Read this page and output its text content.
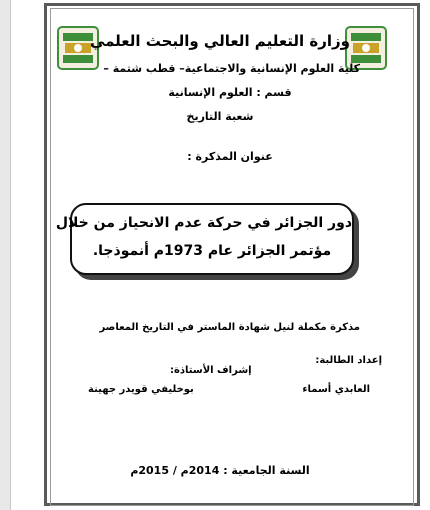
وزارة التعليم العالي والبحث العلمي
كلية العلوم الإنسانية والاجتماعية– قطب شتمة –
قسم : العلوم الإنسانية
شعبة التاريخ
عنوان المذكرة :
دور الجزائر في حركة عدم الانحياز من خلال
مؤتمر الجزائر عام 1973م أنموذجا.
مذكرة مكملة لنيل شهادة الماستر في التاريخ المعاصر
إعداد الطالبة:
إشراف الأستاذة:
العابدي أسماء
بوخليفي قويدر جهينة
السنة الجامعية : 2014م / 2015م
